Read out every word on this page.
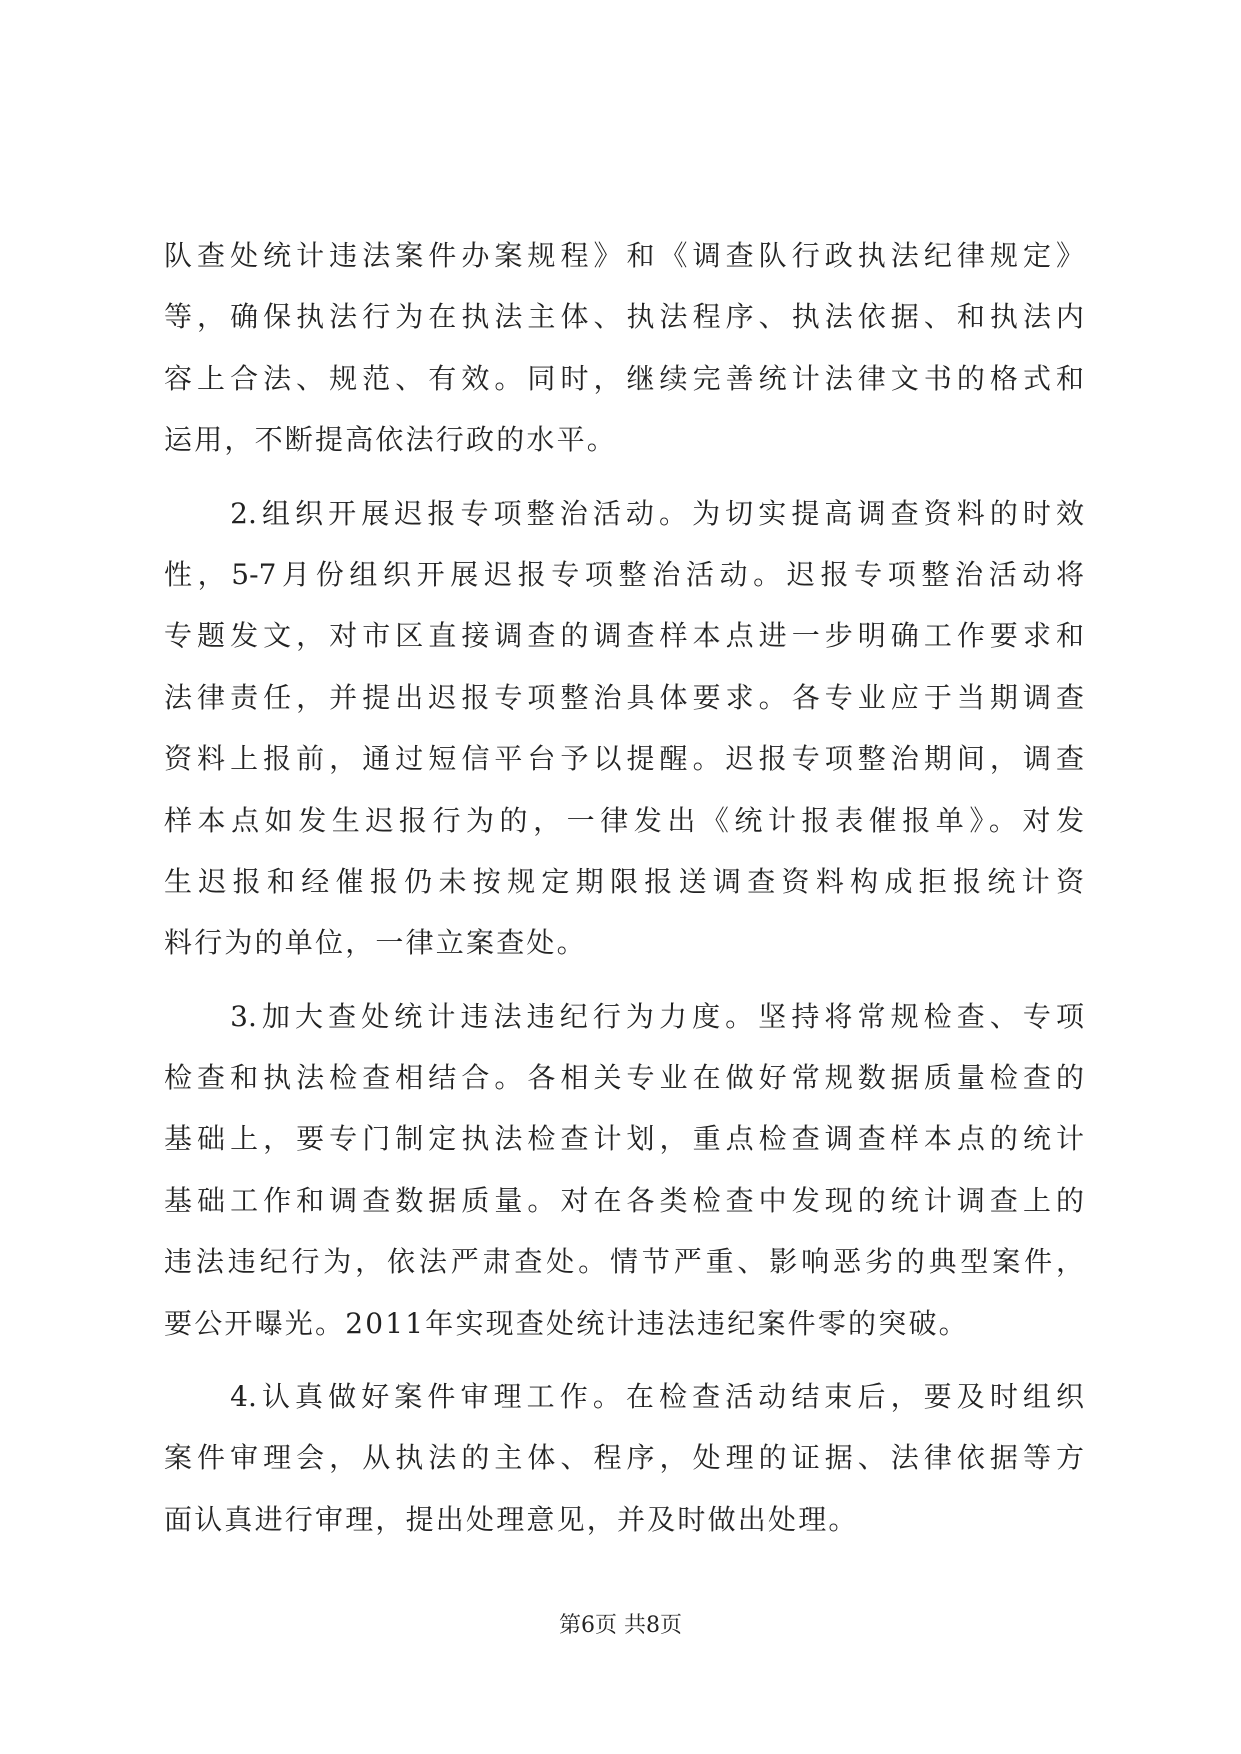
队查处统计违法案件办案规程》和《调查队行政执法纪律规定》
等，确保执法行为在执法主体、执法程序、执法依据、和执法内
容上合法、规范、有效。同时，继续完善统计法律文书的格式和
运用，不断提高依法行政的水平。
　　2.组织开展迟报专项整治活动。为切实提高调查资料的时效
性，5-7月份组织开展迟报专项整治活动。迟报专项整治活动将
专题发文，对市区直接调查的调查样本点进一步明确工作要求和
法律责任，并提出迟报专项整治具体要求。各专业应于当期调查
资料上报前，通过短信平台予以提醒。迟报专项整治期间，调查
样本点如发生迟报行为的，一律发出《统计报表催报单》。对发
生迟报和经催报仍未按规定期限报送调查资料构成拒报统计资
料行为的单位，一律立案查处。
　　3.加大查处统计违法违纪行为力度。坚持将常规检查、专项
检查和执法检查相结合。各相关专业在做好常规数据质量检查的
基础上，要专门制定执法检查计划，重点检查调查样本点的统计
基础工作和调查数据质量。对在各类检查中发现的统计调查上的
违法违纪行为，依法严肃查处。情节严重、影响恶劣的典型案件，
要公开曝光。2011年实现查处统计违法违纪案件零的突破。
　　4.认真做好案件审理工作。在检查活动结束后，要及时组织
案件审理会，从执法的主体、程序，处理的证据、法律依据等方
面认真进行审理，提出处理意见，并及时做出处理。
第6页 共8页
